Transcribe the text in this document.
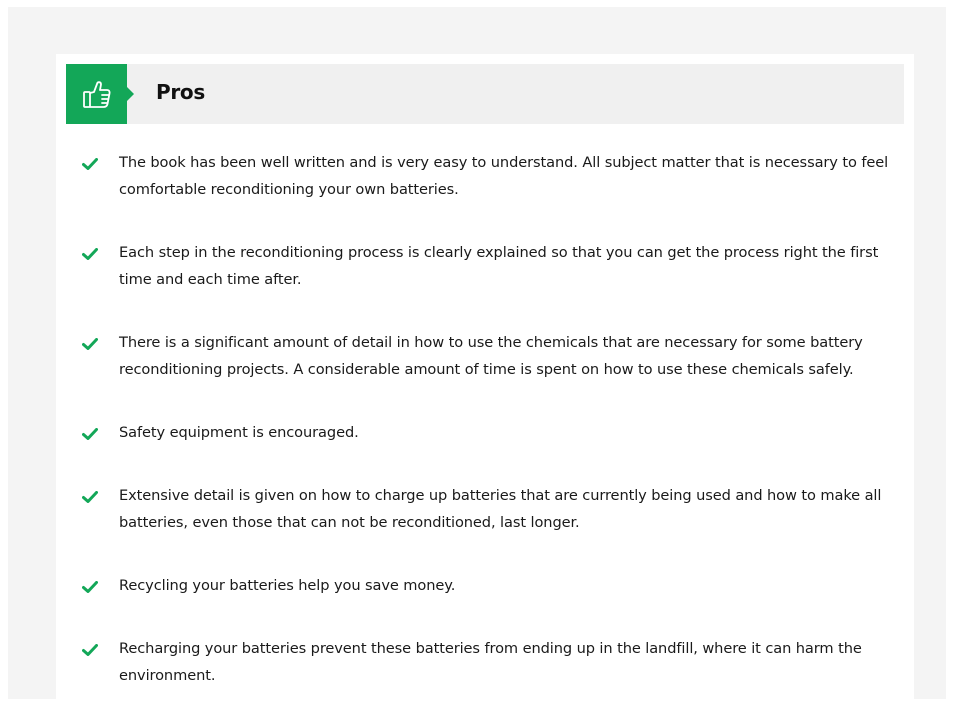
Pros
The book has been well written and is very easy to understand. All subject matter that is necessary to feel comfortable reconditioning your own batteries.
Each step in the reconditioning process is clearly explained so that you can get the process right the first time and each time after.
There is a significant amount of detail in how to use the chemicals that are necessary for some battery reconditioning projects. A considerable amount of time is spent on how to use these chemicals safely.
Safety equipment is encouraged.
Extensive detail is given on how to charge up batteries that are currently being used and how to make all batteries, even those that can not be reconditioned, last longer.
Recycling your batteries help you save money.
Recharging your batteries prevent these batteries from ending up in the landfill, where it can harm the environment.
